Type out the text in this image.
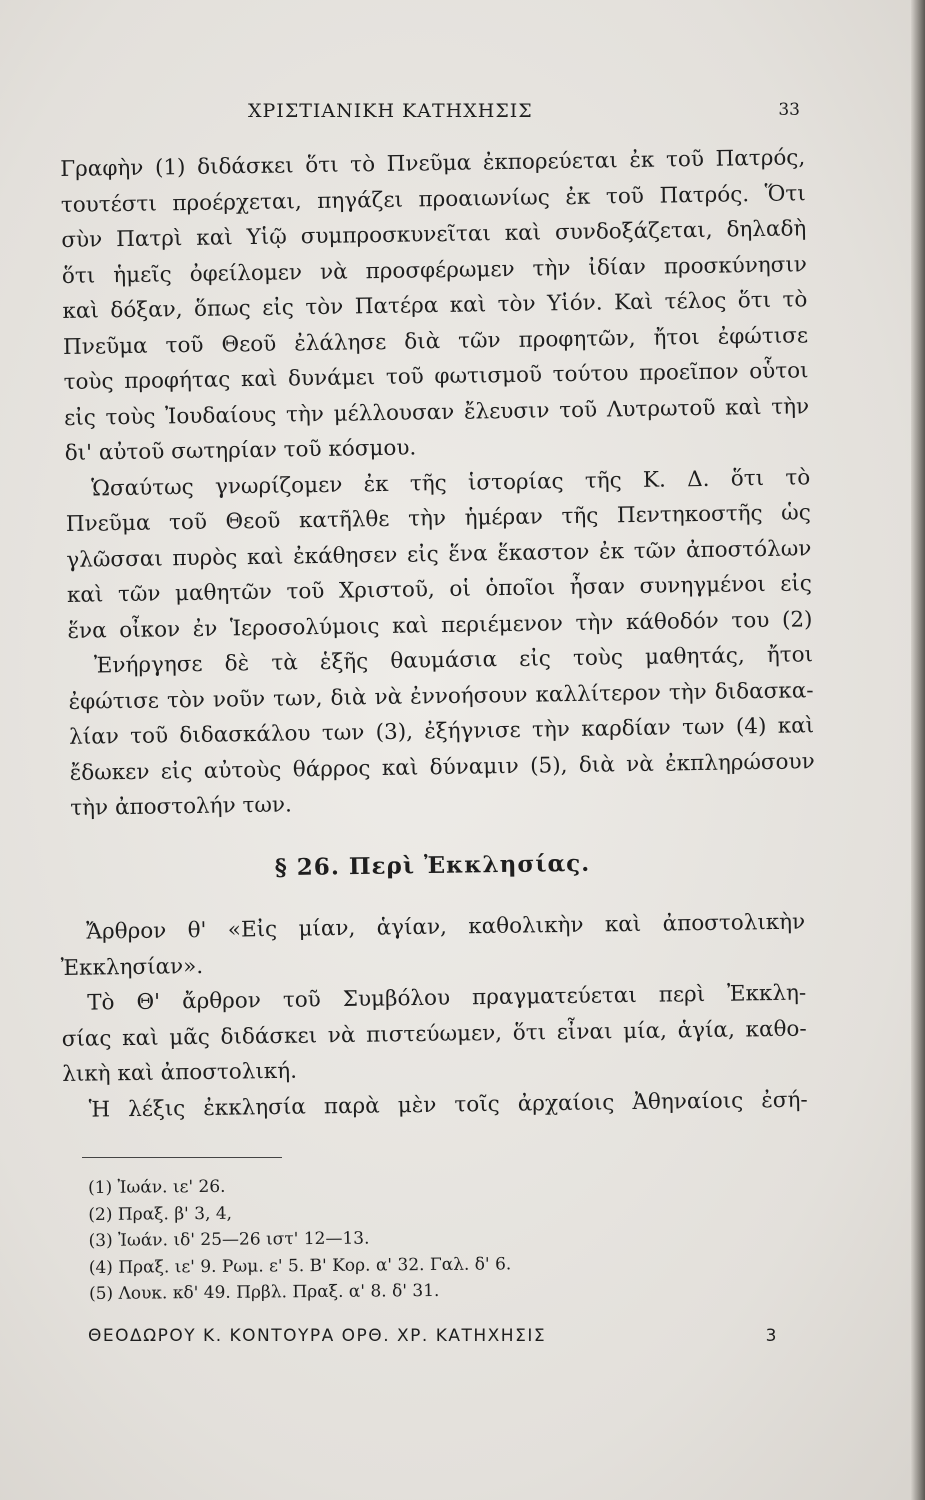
ΧΡΙΣΤΙΑΝΙΚΗ ΚΑΤΗΧΗΣΙΣ	33
Γραφὴν (1) διδάσκει ὅτι τὸ Πνεῦμα ἐκπορεύεται ἐκ τοῦ Πατρός,
τουτέστι προέρχεται, πηγάζει προαιωνίως ἐκ τοῦ Πατρός. Ὅτι
σὺν Πατρὶ καὶ Υἱῷ συμπροσκυνεῖται καὶ συνδοξάζεται, δηλαδὴ
ὅτι ἡμεῖς ὀφείλομεν νὰ προσφέρωμεν τὴν ἰδίαν προσκύνησιν
καὶ δόξαν, ὅπως εἰς τὸν Πατέρα καὶ τὸν Υἱόν. Καὶ τέλος ὅτι τὸ
Πνεῦμα τοῦ Θεοῦ ἐλάλησε διὰ τῶν προφητῶν, ἤτοι ἐφώτισε
τοὺς προφήτας καὶ δυνάμει τοῦ φωτισμοῦ τούτου προεῖπον οὗτοι
εἰς τοὺς Ἰουδαίους τὴν μέλλουσαν ἔλευσιν τοῦ Λυτρωτοῦ καὶ τὴν
δι' αὐτοῦ σωτηρίαν τοῦ κόσμου.
Ὡσαύτως γνωρίζομεν ἐκ τῆς ἱστορίας τῆς Κ. Δ. ὅτι τὸ
Πνεῦμα τοῦ Θεοῦ κατῆλθε τὴν ἡμέραν τῆς Πεντηκοστῆς ὡς
γλῶσσαι πυρὸς καὶ ἐκάθησεν εἰς ἕνα ἕκαστον ἐκ τῶν ἀποστόλων
καὶ τῶν μαθητῶν τοῦ Χριστοῦ, οἱ ὁποῖοι ἦσαν συνηγμένοι εἰς
ἕνα οἶκον ἐν Ἱεροσολύμοις καὶ περιέμενον τὴν κάθοδόν του (2)
Ἐνήργησε δὲ τὰ ἑξῆς θαυμάσια εἰς τοὺς μαθητάς, ἤτοι
ἐφώτισε τὸν νοῦν των, διὰ νὰ ἐννοήσουν καλλίτερον τὴν διδασκα-
λίαν τοῦ διδασκάλου των (3), ἐξήγνισε τὴν καρδίαν των (4) καὶ
ἔδωκεν εἰς αὐτοὺς θάρρος καὶ δύναμιν (5), διὰ νὰ ἐκπληρώσουν
τὴν ἀποστολήν των.
§ 26. Περὶ Ἐκκλησίας.
Ἄρθρον θ' «Εἰς μίαν, ἁγίαν, καθολικὴν καὶ ἀποστολικὴν
Ἐκκλησίαν».
Τὸ Θ' ἄρθρον τοῦ Συμβόλου πραγματεύεται περὶ Ἐκκλη-
σίας καὶ μᾶς διδάσκει νὰ πιστεύωμεν, ὅτι εἶναι μία, ἁγία, καθο-
λικὴ καὶ ἀποστολική.
Ἡ λέξις ἐκκλησία παρὰ μὲν τοῖς ἀρχαίοις Ἀθηναίοις ἐσή-
(1) Ἰωάν. ιε' 26.
(2) Πραξ. β' 3, 4,
(3) Ἰωάν. ιδ' 25—26 ιστ' 12—13.
(4) Πραξ. ιε' 9. Ρωμ. ε' 5. Β' Κορ. α' 32. Γαλ. δ' 6.
(5) Λουκ. κδ' 49. Πρβλ. Πραξ. α' 8. δ' 31.
ΘΕΟΔΩΡΟΥ Κ. ΚΟΝΤΟΥΡΑ ΟΡΘ. ΧΡ. ΚΑΤΗΧΗΣΙΣ	3
